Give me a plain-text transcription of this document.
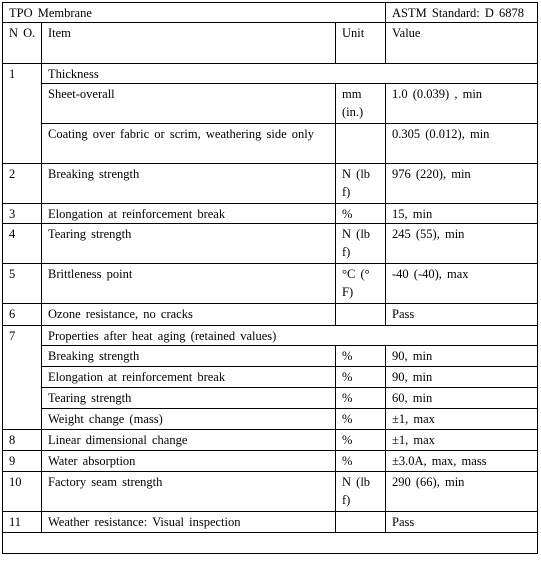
TPO Membrane			ASTM Standard: D 6878
N O.	Item	Unit	Value
1	Thickness		
	Sheet-overall	mm (in.)	1.0 (0.039) , min
	Coating over fabric or scrim, weathering side only		0.305 (0.012), min
2	Breaking strength	N (lb f)	976 (220), min
3	Elongation at reinforcement break	%	15, min
4	Tearing strength	N (lb f)	245 (55), min
5	Brittleness point	°C (° F)	-40 (-40), max
6	Ozone resistance, no cracks		Pass
7	Properties after heat aging (retained values)		
	Breaking strength	%	90, min
	Elongation at reinforcement break	%	90, min
	Tearing strength	%	60, min
	Weight change (mass)	%	±1, max
8	Linear dimensional change	%	±1, max
9	Water absorption	%	±3.0A, max, mass
10	Factory seam strength	N (lb f)	290 (66), min
11	Weather resistance: Visual inspection		Pass
